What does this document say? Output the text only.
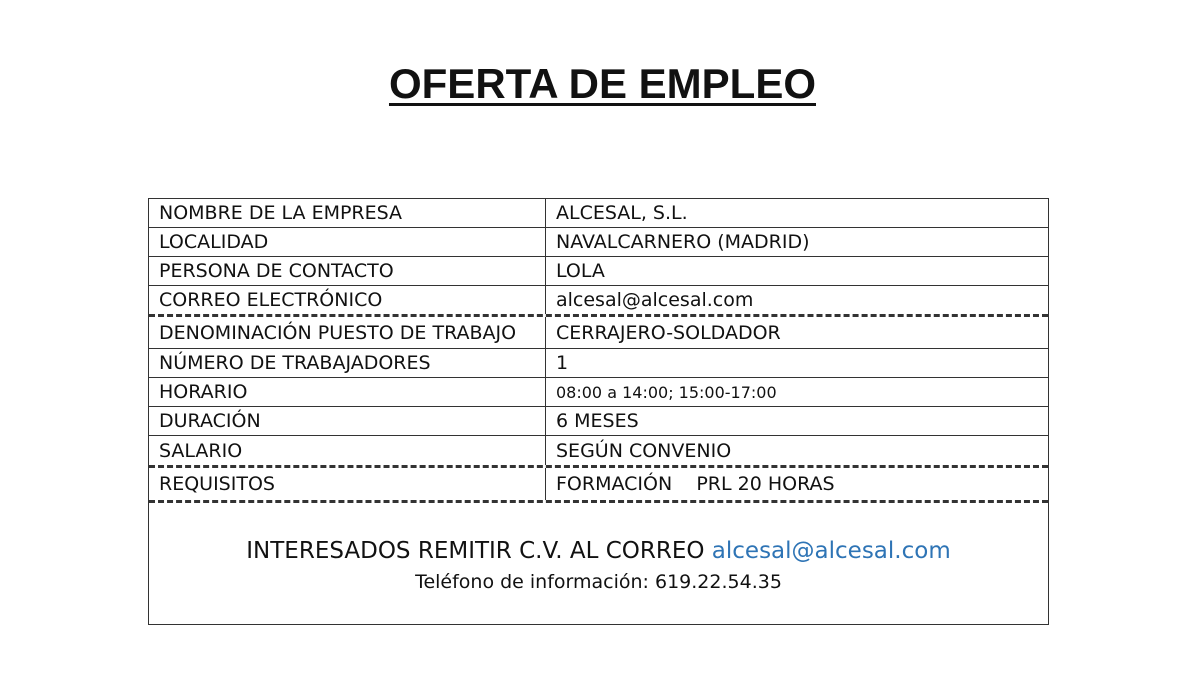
OFERTA DE EMPLEO
NOMBRE DE LA EMPRESA	ALCESAL, S.L.
LOCALIDAD	NAVALCARNERO (MADRID)
PERSONA DE CONTACTO	LOLA
CORREO ELECTRÓNICO	alcesal@alcesal.com
DENOMINACIÓN PUESTO DE TRABAJO	CERRAJERO-SOLDADOR
NÚMERO DE TRABAJADORES	1
HORARIO	08:00 a 14:00; 15:00-17:00
DURACIÓN	6 MESES
SALARIO	SEGÚN CONVENIO
REQUISITOS	FORMACIÓN    PRL 20 HORAS
INTERESADOS REMITIR C.V. AL CORREO alcesal@alcesal.com
Teléfono de información: 619.22.54.35
